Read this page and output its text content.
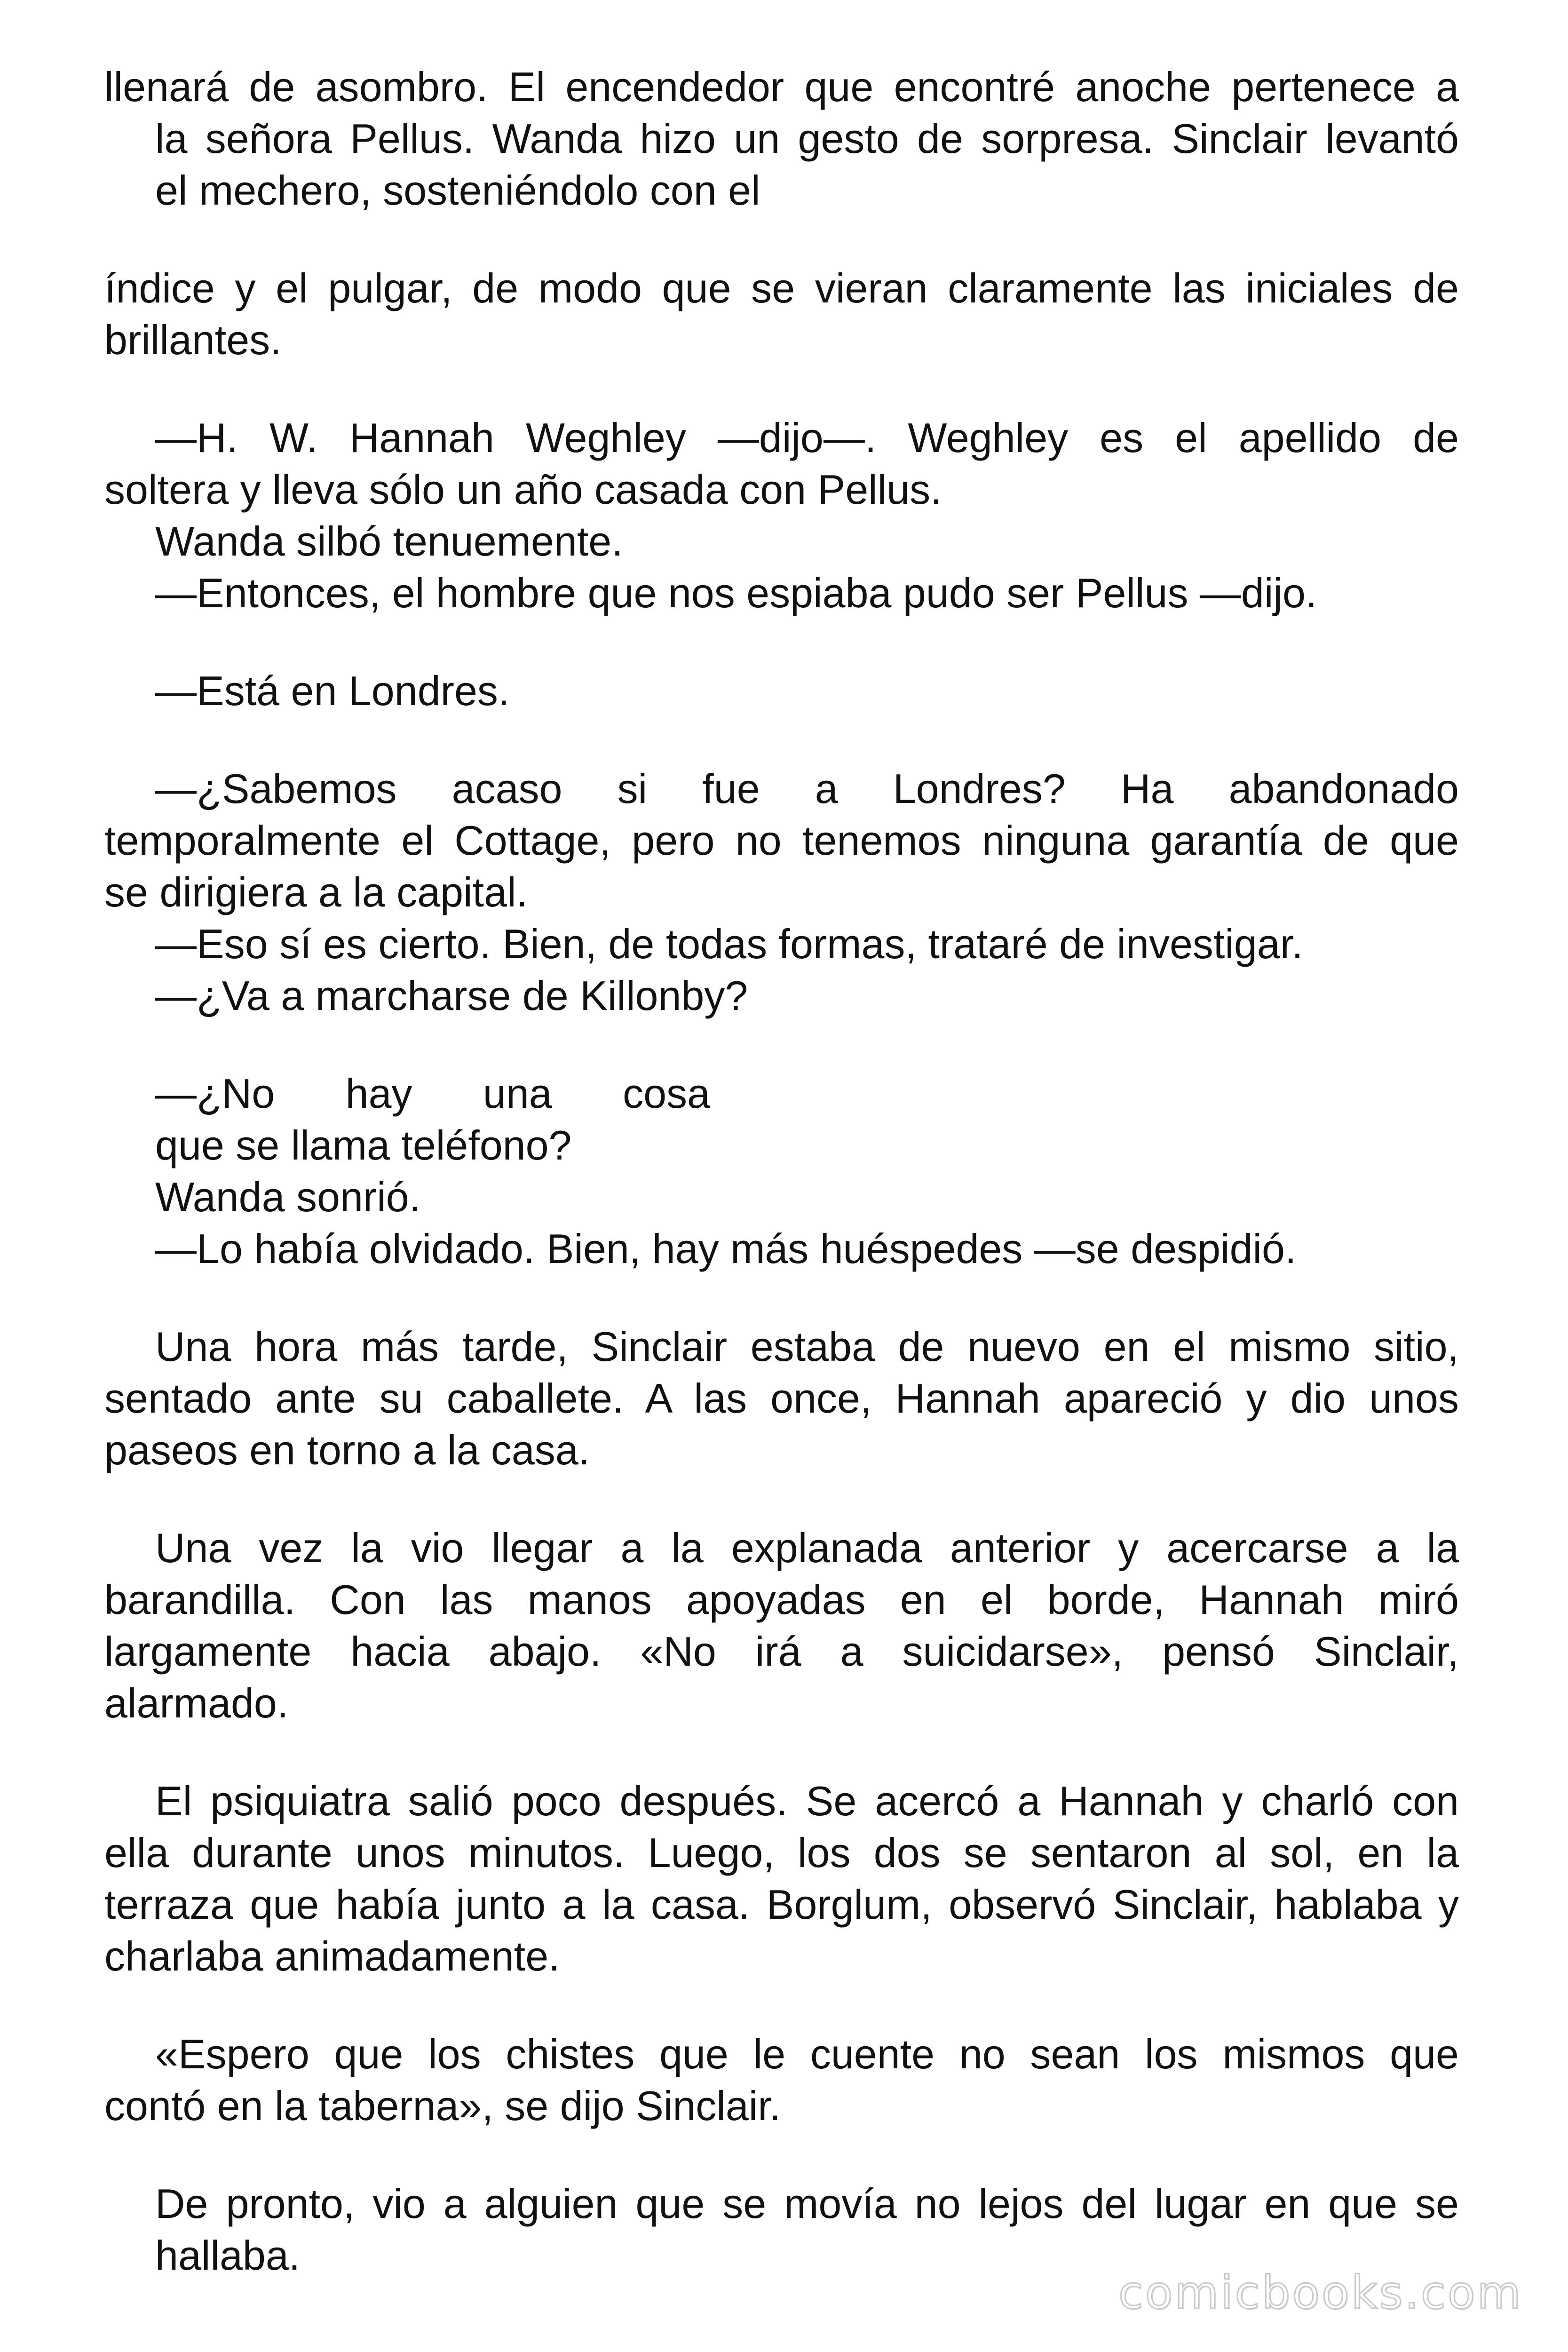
llenará de asombro. El encendedor que encontré anoche pertenece a
la señora Pellus. Wanda hizo un gesto de sorpresa. Sinclair levantó
el mechero, sosteniéndolo con el
índice y el pulgar, de modo que se vieran claramente las iniciales de
brillantes.
—H. W. Hannah Weghley —dijo—. Weghley es el apellido de
soltera y lleva sólo un año casada con Pellus.
Wanda silbó tenuemente.
—Entonces, el hombre que nos espiaba pudo ser Pellus —dijo.
—Está en Londres.
—¿Sabemos acaso si fue a Londres? Ha abandonado
temporalmente el Cottage, pero no tenemos ninguna garantía de que
se dirigiera a la capital.
—Eso sí es cierto. Bien, de todas formas, trataré de investigar.
—¿Va a marcharse de Killonby?
—¿No hay una cosa
que se llama teléfono?
Wanda sonrió.
—Lo había olvidado. Bien, hay más huéspedes —se despidió.
Una hora más tarde, Sinclair estaba de nuevo en el mismo sitio,
sentado ante su caballete. A las once, Hannah apareció y dio unos
paseos en torno a la casa.
Una vez la vio llegar a la explanada anterior y acercarse a la
barandilla. Con las manos apoyadas en el borde, Hannah miró
largamente hacia abajo. «No irá a suicidarse», pensó Sinclair,
alarmado.
El psiquiatra salió poco después. Se acercó a Hannah y charló con
ella durante unos minutos. Luego, los dos se sentaron al sol, en la
terraza que había junto a la casa. Borglum, observó Sinclair, hablaba y
charlaba animadamente.
«Espero que los chistes que le cuente no sean los mismos que
contó en la taberna», se dijo Sinclair.
De pronto, vio a alguien que se movía no lejos del lugar en que se
hallaba.
comicbooks.com
